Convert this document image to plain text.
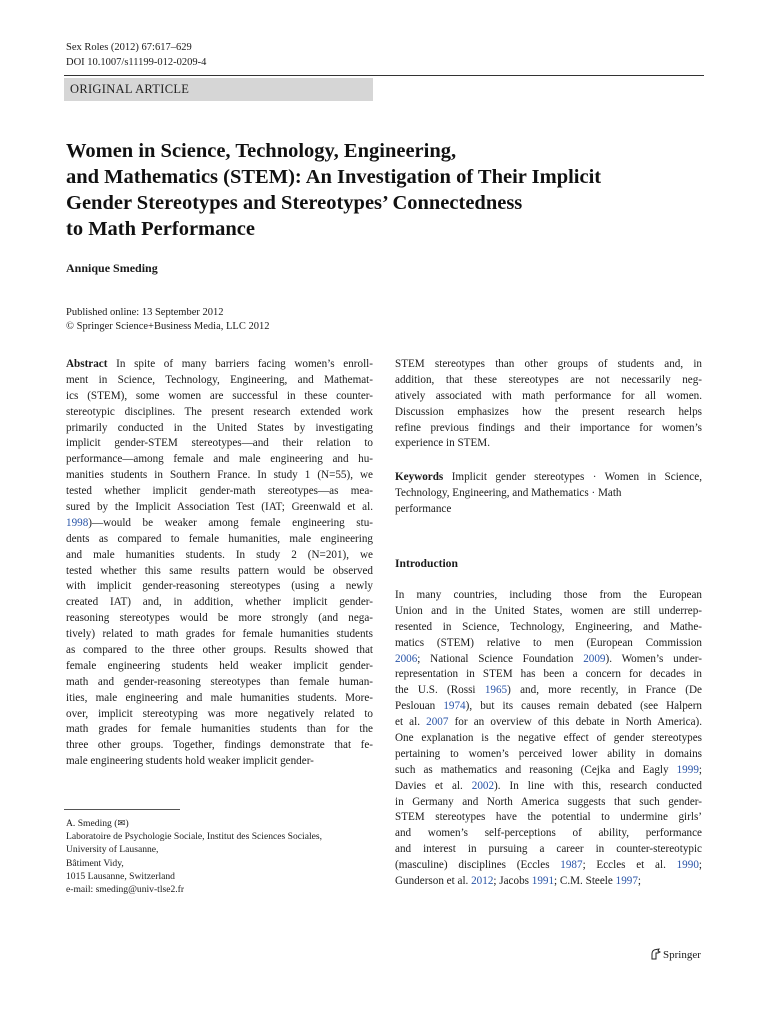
Sex Roles (2012) 67:617–629
DOI 10.1007/s11199-012-0209-4
ORIGINAL ARTICLE
Women in Science, Technology, Engineering,
and Mathematics (STEM): An Investigation of Their Implicit
Gender Stereotypes and Stereotypes’ Connectedness
to Math Performance
Annique Smeding
Published online: 13 September 2012
© Springer Science+Business Media, LLC 2012
Abstract In spite of many barriers facing women’s enroll-
ment in Science, Technology, Engineering, and Mathemat-
ics (STEM), some women are successful in these counter-
stereotypic disciplines. The present research extended work
primarily conducted in the United States by investigating
implicit gender-STEM stereotypes—and their relation to
performance—among female and male engineering and hu-
manities students in Southern France. In study 1 (N=55), we
tested whether implicit gender-math stereotypes—as mea-
sured by the Implicit Association Test (IAT; Greenwald et al.
1998)—would be weaker among female engineering stu-
dents as compared to female humanities, male engineering
and male humanities students. In study 2 (N=201), we
tested whether this same results pattern would be observed
with implicit gender-reasoning stereotypes (using a newly
created IAT) and, in addition, whether implicit gender-
reasoning stereotypes would be more strongly (and nega-
tively) related to math grades for female humanities students
as compared to the three other groups. Results showed that
female engineering students held weaker implicit gender-
math and gender-reasoning stereotypes than female human-
ities, male engineering and male humanities students. More-
over, implicit stereotyping was more negatively related to
math grades for female humanities students than for the
three other groups. Together, findings demonstrate that fe-
male engineering students hold weaker implicit gender-
STEM stereotypes than other groups of students and, in
addition, that these stereotypes are not necessarily neg-
atively associated with math performance for all women.
Discussion emphasizes how the present research helps
refine previous findings and their importance for women’s
experience in STEM.
Keywords Implicit gender stereotypes · Women in Science,
Technology, Engineering, and Mathematics · Math
performance
Introduction
In many countries, including those from the European
Union and in the United States, women are still underrep-
resented in Science, Technology, Engineering, and Mathe-
matics (STEM) relative to men (European Commission
2006; National Science Foundation 2009). Women’s under-
representation in STEM has been a concern for decades in
the U.S. (Rossi 1965) and, more recently, in France (De
Peslouan 1974), but its causes remain debated (see Halpern
et al. 2007 for an overview of this debate in North America).
One explanation is the negative effect of gender stereotypes
pertaining to women’s perceived lower ability in domains
such as mathematics and reasoning (Cejka and Eagly 1999;
Davies et al. 2002). In line with this, research conducted
in Germany and North America suggests that such gender-
STEM stereotypes have the potential to undermine girls’
and women’s self-perceptions of ability, performance
and interest in pursuing a career in counter-stereotypic
(masculine) disciplines (Eccles 1987; Eccles et al. 1990;
Gunderson et al. 2012; Jacobs 1991; C.M. Steele 1997;
A. Smeding (✉)
Laboratoire de Psychologie Sociale, Institut des Sciences Sociales,
University of Lausanne,
Bâtiment Vidy,
1015 Lausanne, Switzerland
e-mail: smeding@univ-tlse2.fr
Springer
